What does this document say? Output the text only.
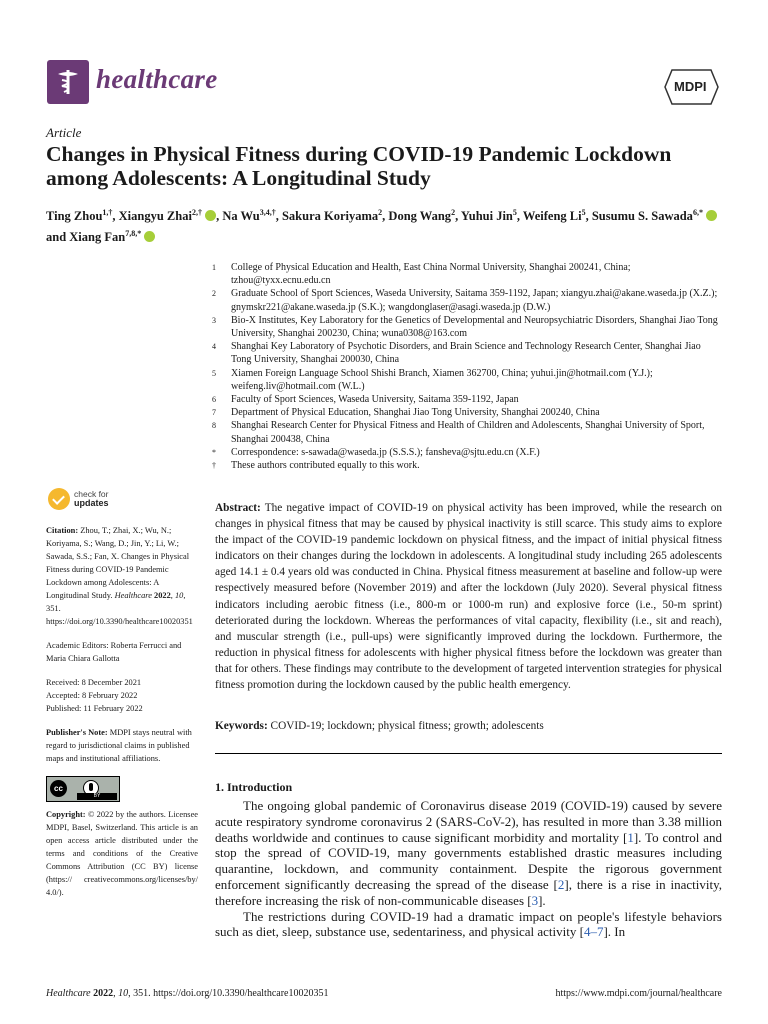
healthcare	MDPI
Article
Changes in Physical Fitness during COVID-19 Pandemic Lockdown among Adolescents: A Longitudinal Study
Ting Zhou$^{1,\dagger}$, Xiangyu Zhai$^{2,\dagger}$ , Na $Wu^{3,4,\dagger}$, Sakura Koriyama$^2$, Dong Wang$^2$, Yuhui Jin$^5$, Weifeng Li$^5$, Susumu S. Sawada$^{6,*}$  and Xiang Fan$^{7,8,*}$
1	College of Physical Education and Health, East China Normal University, Shanghai 200241, China; tzhou@tyxx.ecnu.edu.cn
2	Graduate School of Sport Sciences, Waseda University, Saitama 359-1192, Japan; xiangyu.zhai@akane.waseda.jp (X.Z.); gnymskr221@akane.waseda.jp (S.K.); wangdonglaser@asagi.waseda.jp (D.W.)
3	Bio-X Institutes, Key Laboratory for the Genetics of Developmental and Neuropsychiatric Disorders, Shanghai Jiao Tong University, Shanghai 200230, China; wuna0308@163.com
4	Shanghai Key Laboratory of Psychotic Disorders, and Brain Science and Technology Research Center, Shanghai Jiao Tong University, Shanghai 200030, China
5	Xiamen Foreign Language School Shishi Branch, Xiamen 362700, China; yuhui.jin@hotmail.com (Y.J.); weifeng.liv@hotmail.com (W.L.)
6	Faculty of Sport Sciences, Waseda University, Saitama 359-1192, Japan
7	Department of Physical Education, Shanghai Jiao Tong University, Shanghai 200240, China
8	Shanghai Research Center for Physical Fitness and Health of Children and Adolescents, Shanghai University of Sport, Shanghai 200438, China
*	Correspondence: s-sawada@waseda.jp (S.S.S.); fansheva@sjtu.edu.cn (X.F.)
†	These authors contributed equally to this work.
check for
updates
Citation: Zhou, T.; Zhai, X.; Wu, N.; Koriyama, S.; Wang, D.; Jin, Y.; Li, W.; Sawada, S.S.; Fan, X. Changes in Physical Fitness during COVID-19 Pandemic Lockdown among Adolescents: A Longitudinal Study. Healthcare 2022, 10, 351. https://doi.org/10.3390/healthcare10020351
Academic Editors: Roberta Ferrucci and Maria Chiara Gallotta
Received: 8 December 2021
Accepted: 8 February 2022
Published: 11 February 2022
Publisher's Note: MDPI stays neutral with regard to jurisdictional claims in published maps and institutional affiliations.
cc
BY
Copyright: © 2022 by the authors. Licensee MDPI, Basel, Switzerland. This article is an open access article distributed under the terms and conditions of the Creative Commons Attribution (CC BY) license (https:// creativecommons.org/licenses/by/ 4.0/).
Abstract: The negative impact of COVID-19 on physical activity has been improved, while the research on changes in physical fitness that may be caused by physical inactivity is still scarce. This study aims to explore the impact of the COVID-19 pandemic lockdown on physical fitness, and the impact of initial physical fitness indicators on their changes during the lockdown in adolescents. A longitudinal study including 265 adolescents aged 14.1 ± 0.4 years old was conducted in China. Physical fitness measurement at baseline and follow-up were respectively measured before (November 2019) and after the lockdown (July 2020). Several physical fitness indicators including aerobic fitness (i.e., 800-m or 1000-m run) and explosive force (i.e., 50-m sprint) deteriorated during the lockdown. Whereas the performances of vital capacity, flexibility (i.e., sit and reach), and muscular strength (i.e., pull-ups) were significantly improved during the lockdown. Furthermore, the reduction in physical fitness for adolescents with higher physical fitness before the lockdown was greater than that for others. These findings may contribute to the development of targeted intervention strategies for physical fitness promotion during the lockdown caused by the public health emergency.
Keywords: COVID-19; lockdown; physical fitness; growth; adolescents
1. Introduction

The ongoing global pandemic of Coronavirus disease 2019 (COVID-19) caused by severe acute respiratory syndrome coronavirus 2 (SARS-CoV-2), has resulted in more than 3.38 million deaths worldwide and continues to cause significant morbidity and mortality [1]. To control and stop the spread of COVID-19, many governments established drastic measures including quarantine, lockdown, and community containment. Despite the rigorous government enforcement significantly decreasing the spread of the disease [2], there is a rise in inactivity, therefore increasing the risk of non-communicable diseases [3].

The restrictions during COVID-19 had a dramatic impact on people's lifestyle behaviors such as diet, sleep, substance use, sedentariness, and physical activity [4–7]. In

Healthcare 2022, 10, 351. https://doi.org/10.3390/healthcare10020351	https://www.mdpi.com/journal/healthcare
